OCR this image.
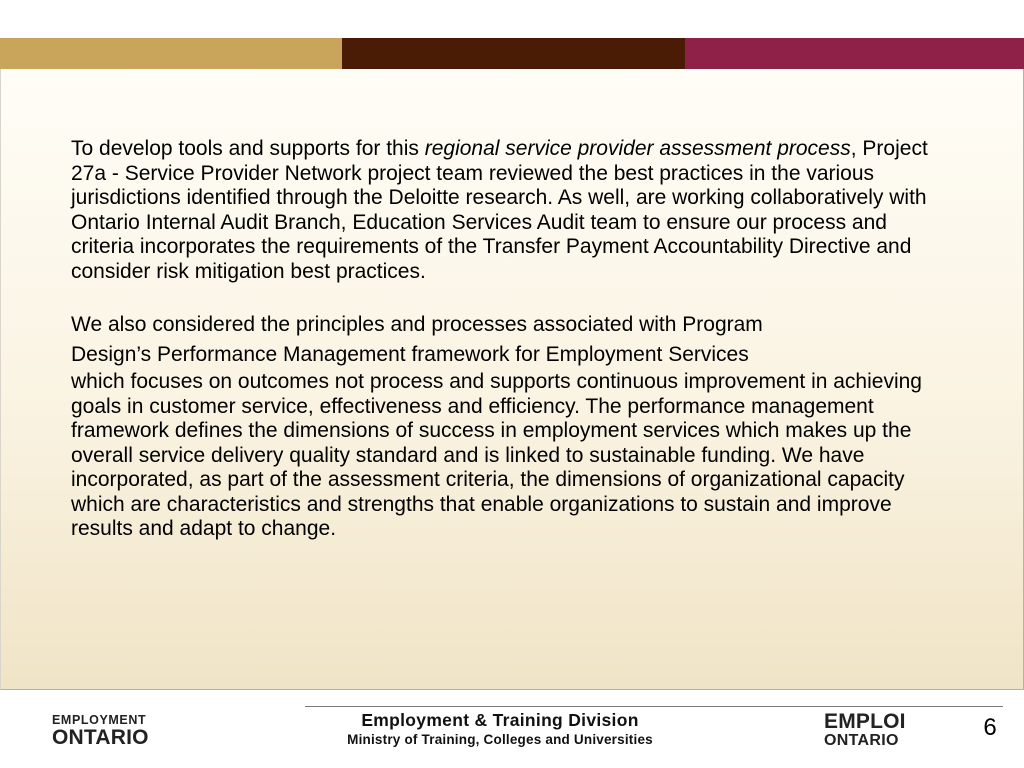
To develop tools and supports for this regional service provider assessment process, Project 27a - Service Provider Network project team reviewed the best practices in the various jurisdictions identified through the Deloitte research. As well, are working collaboratively with Ontario Internal Audit Branch, Education Services Audit team to ensure our process and criteria incorporates the requirements of the Transfer Payment Accountability Directive and consider risk mitigation best practices.

We also considered the principles and processes associated with Program
Design’s Performance Management framework for Employment Services
which focuses on outcomes not process and supports continuous improvement in achieving goals in customer service, effectiveness and efficiency. The performance management framework defines the dimensions of success in employment services which makes up the overall service delivery quality standard and is linked to sustainable funding. We have incorporated, as part of the assessment criteria, the dimensions of organizational capacity which are characteristics and strengths that enable organizations to sustain and improve results and adapt to change.

EMPLOYMENT
ONTARIO
Employment & Training Division
Ministry of Training, Colleges and Universities
EMPLOI
ONTARIO	6
